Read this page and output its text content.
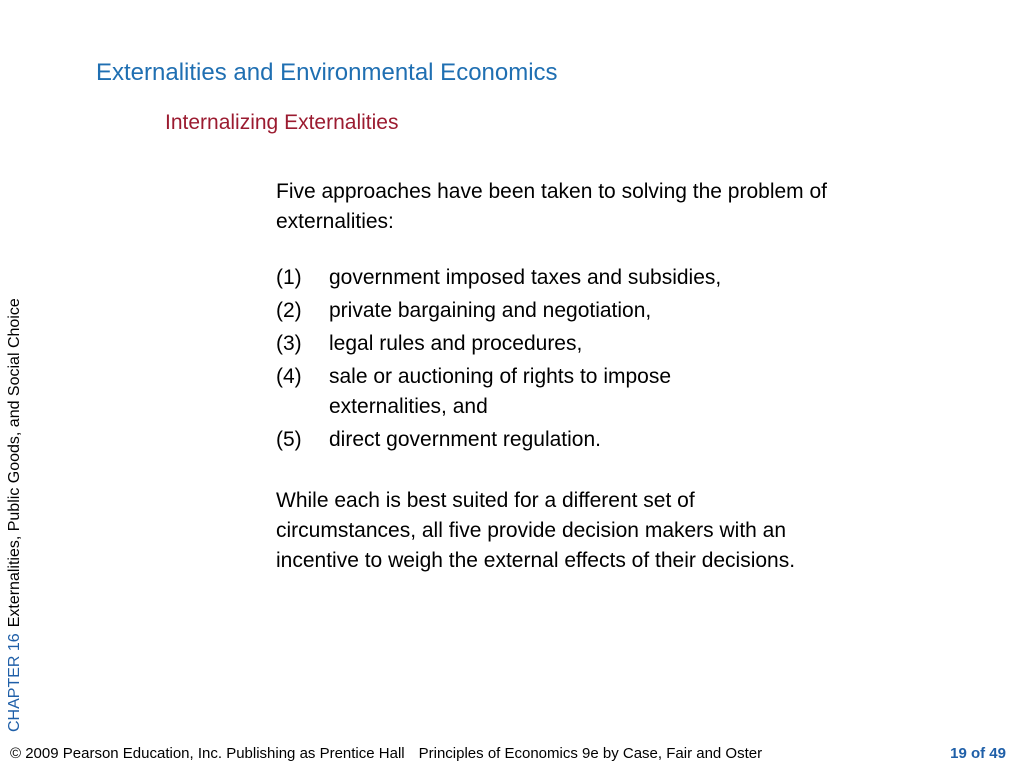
CHAPTER 16Externalities, Public Goods, and Social Choice
Externalities and Environmental Economics
Internalizing Externalities

Five approaches have been taken to solving the problem of externalities:

(1)	government imposed taxes and subsidies,
(2)	private bargaining and negotiation,
(3)	legal rules and procedures,
(4)	sale or auctioning of rights to impose externalities, and
(5)	direct government regulation.

While each is best suited for a different set of circumstances, all five provide decision makers with an incentive to weigh the external effects of their decisions.

© 2009 Pearson Education, Inc. Publishing as Prentice Hall Principles of Economics 9e by Case, Fair and Oster	19 of 49
